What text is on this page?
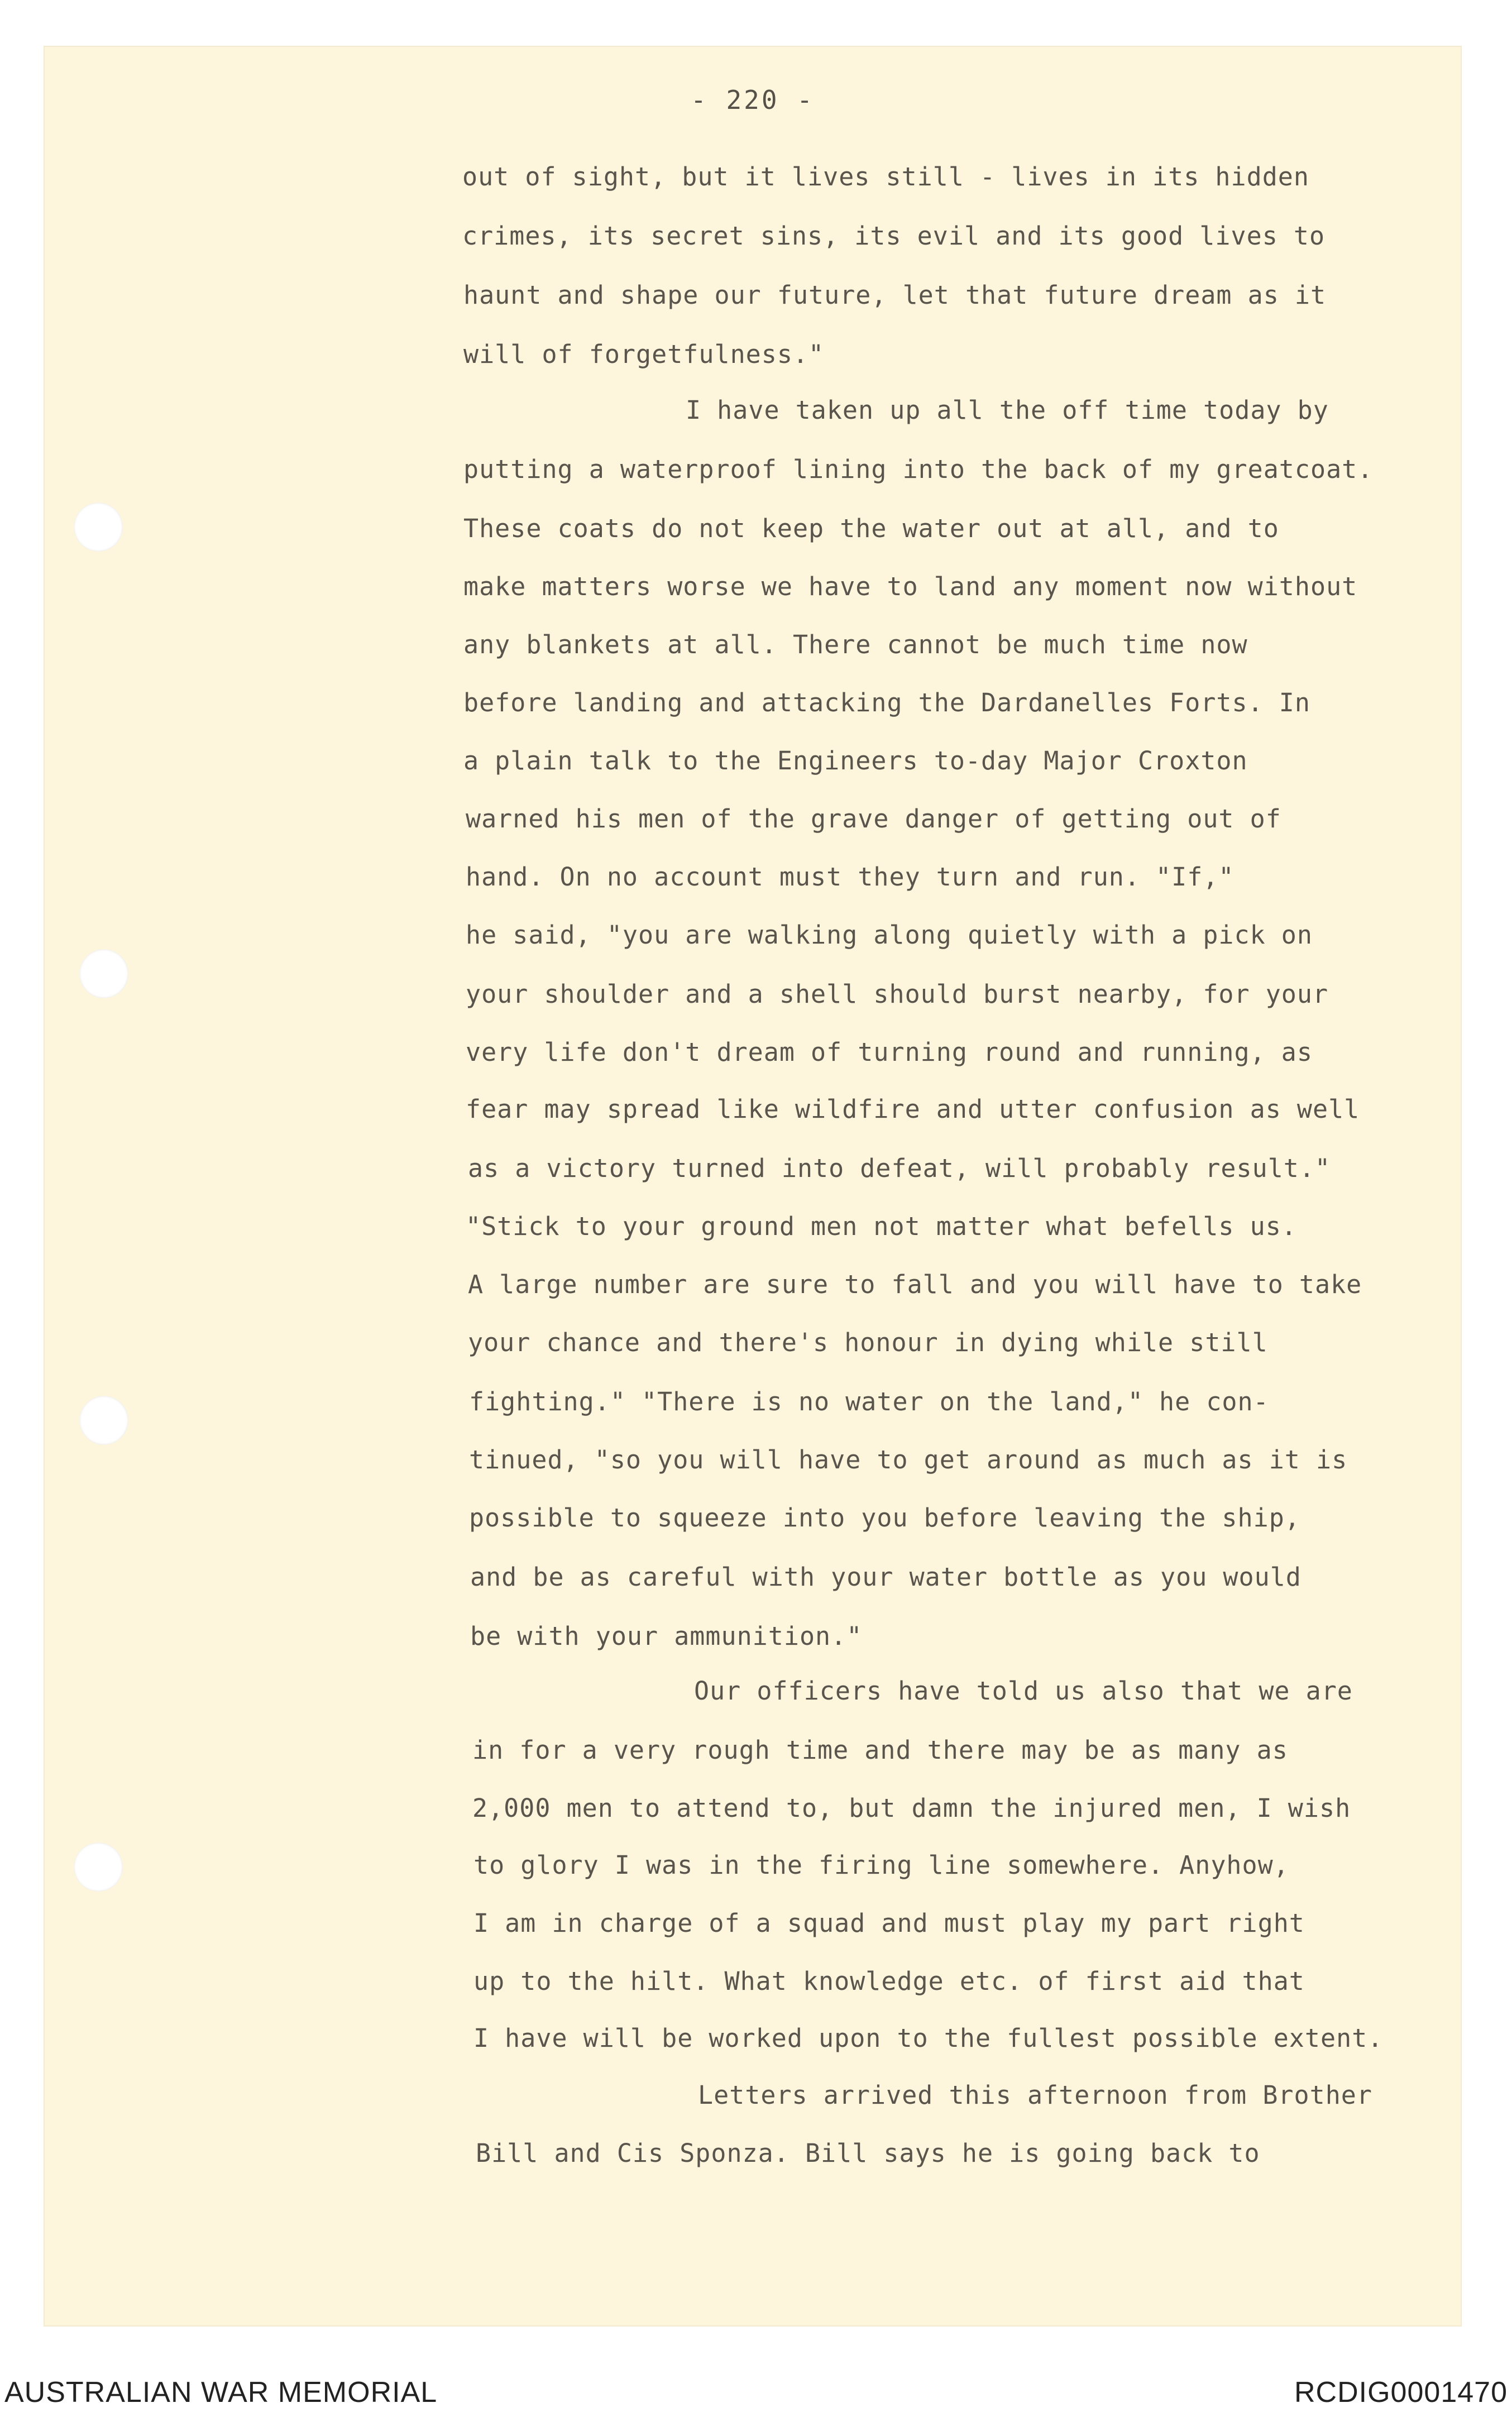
- 220 -
out of sight, but it lives still - lives in its hidden
crimes, its secret sins, its evil and its good lives to
haunt and shape our future, let that future dream as it
will of forgetfulness."
I have taken up all the off time today by
putting a waterproof lining into the back of my greatcoat.
These coats do not keep the water out at all, and to
make matters worse we have to land any moment now without
any blankets at all. There cannot be much time now
before landing and attacking the Dardanelles Forts. In
a plain talk to the Engineers to-day Major Croxton
warned his men of the grave danger of getting out of
hand. On no account must they turn and run. "If,"
he said, "you are walking along quietly with a pick on
your shoulder and a shell should burst nearby, for your
very life don't dream of turning round and running, as
fear may spread like wildfire and utter confusion as well
as a victory turned into defeat, will probably result."
"Stick to your ground men not matter what befells us.
A large number are sure to fall and you will have to take
your chance and there's honour in dying while still
fighting." "There is no water on the land," he con-
tinued, "so you will have to get around as much as it is
possible to squeeze into you before leaving the ship,
and be as careful with your water bottle as you would
be with your ammunition."
Our officers have told us also that we are
in for a very rough time and there may be as many as
2,000 men to attend to, but damn the injured men, I wish
to glory I was in the firing line somewhere. Anyhow,
I am in charge of a squad and must play my part right
up to the hilt. What knowledge etc. of first aid that
I have will be worked upon to the fullest possible extent.
Letters arrived this afternoon from Brother
Bill and Cis Sponza. Bill says he is going back to
AUSTRALIAN WAR MEMORIAL	RCDIG0001470
